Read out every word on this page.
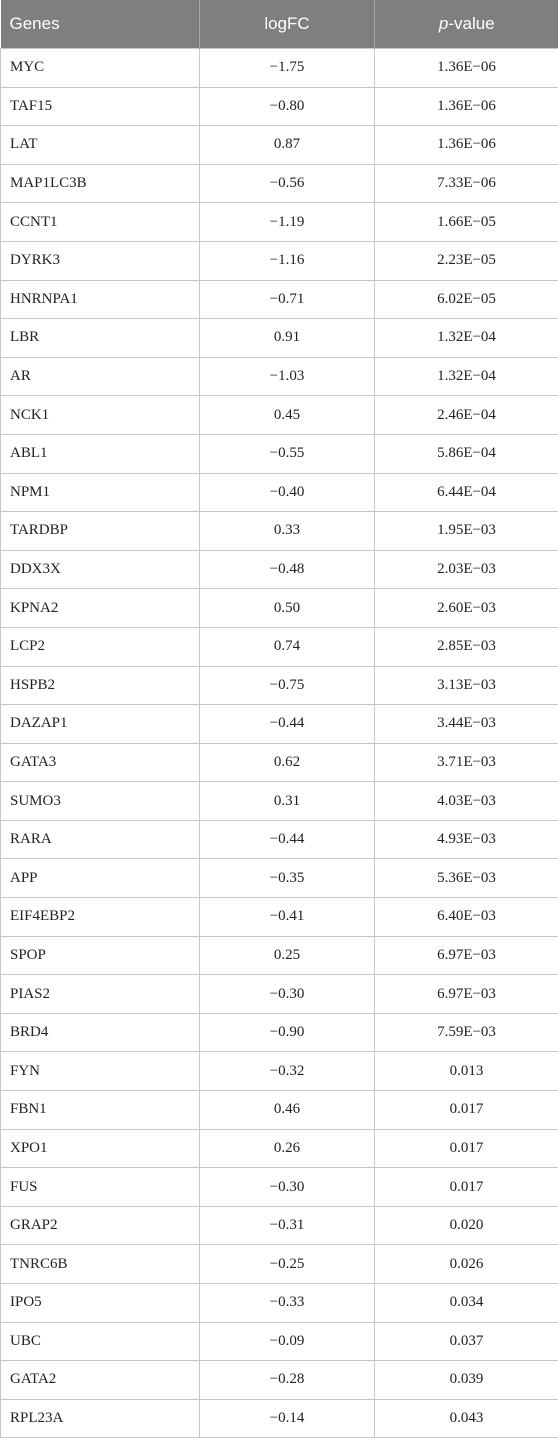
Genes	logFC	p-value
MYC	−1.75	1.36E−06
TAF15	−0.80	1.36E−06
LAT	0.87	1.36E−06
MAP1LC3B	−0.56	7.33E−06
CCNT1	−1.19	1.66E−05
DYRK3	−1.16	2.23E−05
HNRNPA1	−0.71	6.02E−05
LBR	0.91	1.32E−04
AR	−1.03	1.32E−04
NCK1	0.45	2.46E−04
ABL1	−0.55	5.86E−04
NPM1	−0.40	6.44E−04
TARDBP	0.33	1.95E−03
DDX3X	−0.48	2.03E−03
KPNA2	0.50	2.60E−03
LCP2	0.74	2.85E−03
HSPB2	−0.75	3.13E−03
DAZAP1	−0.44	3.44E−03
GATA3	0.62	3.71E−03
SUMO3	0.31	4.03E−03
RARA	−0.44	4.93E−03
APP	−0.35	5.36E−03
EIF4EBP2	−0.41	6.40E−03
SPOP	0.25	6.97E−03
PIAS2	−0.30	6.97E−03
BRD4	−0.90	7.59E−03
FYN	−0.32	0.013
FBN1	0.46	0.017
XPO1	0.26	0.017
FUS	−0.30	0.017
GRAP2	−0.31	0.020
TNRC6B	−0.25	0.026
IPO5	−0.33	0.034
UBC	−0.09	0.037
GATA2	−0.28	0.039
RPL23A	−0.14	0.043
